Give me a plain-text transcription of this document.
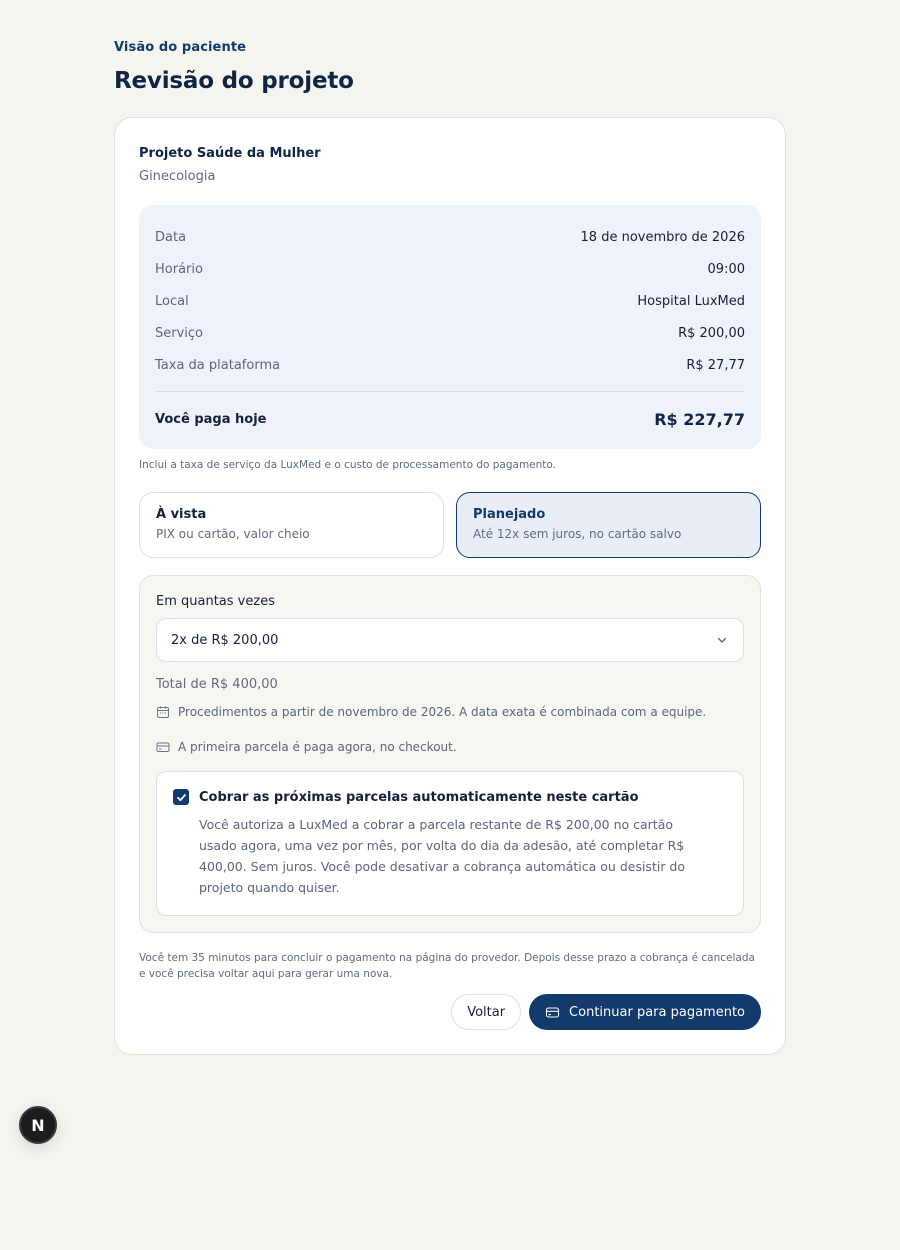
Visão do paciente
Revisão do projeto
Projeto Saúde da Mulher
Ginecologia
Data	18 de novembro de 2026
Horário	09:00
Local	Hospital LuxMed
Serviço	R$ 200,00
Taxa da plataforma	R$ 27,77
Você paga hoje	R$ 227,77
Inclui a taxa de serviço da LuxMed e o custo de processamento do pagamento.
À vista
PIX ou cartão, valor cheio
Planejado
Até 12x sem juros, no cartão salvo
Em quantas vezes
2x de R$ 200,00
Total de R$ 400,00
Procedimentos a partir de novembro de 2026. A data exata é combinada com a equipe.
A primeira parcela é paga agora, no checkout.
Cobrar as próximas parcelas automaticamente neste cartão
Você autoriza a LuxMed a cobrar a parcela restante de R$ 200,00 no cartão usado agora, uma vez por mês, por volta do dia da adesão, até completar R$ 400,00. Sem juros. Você pode desativar a cobrança automática ou desistir do projeto quando quiser.
Você tem 35 minutos para concluir o pagamento na página do provedor. Depois desse prazo a cobrança é cancelada e você precisa voltar aqui para gerar uma nova.
Voltar	Continuar para pagamento
N
